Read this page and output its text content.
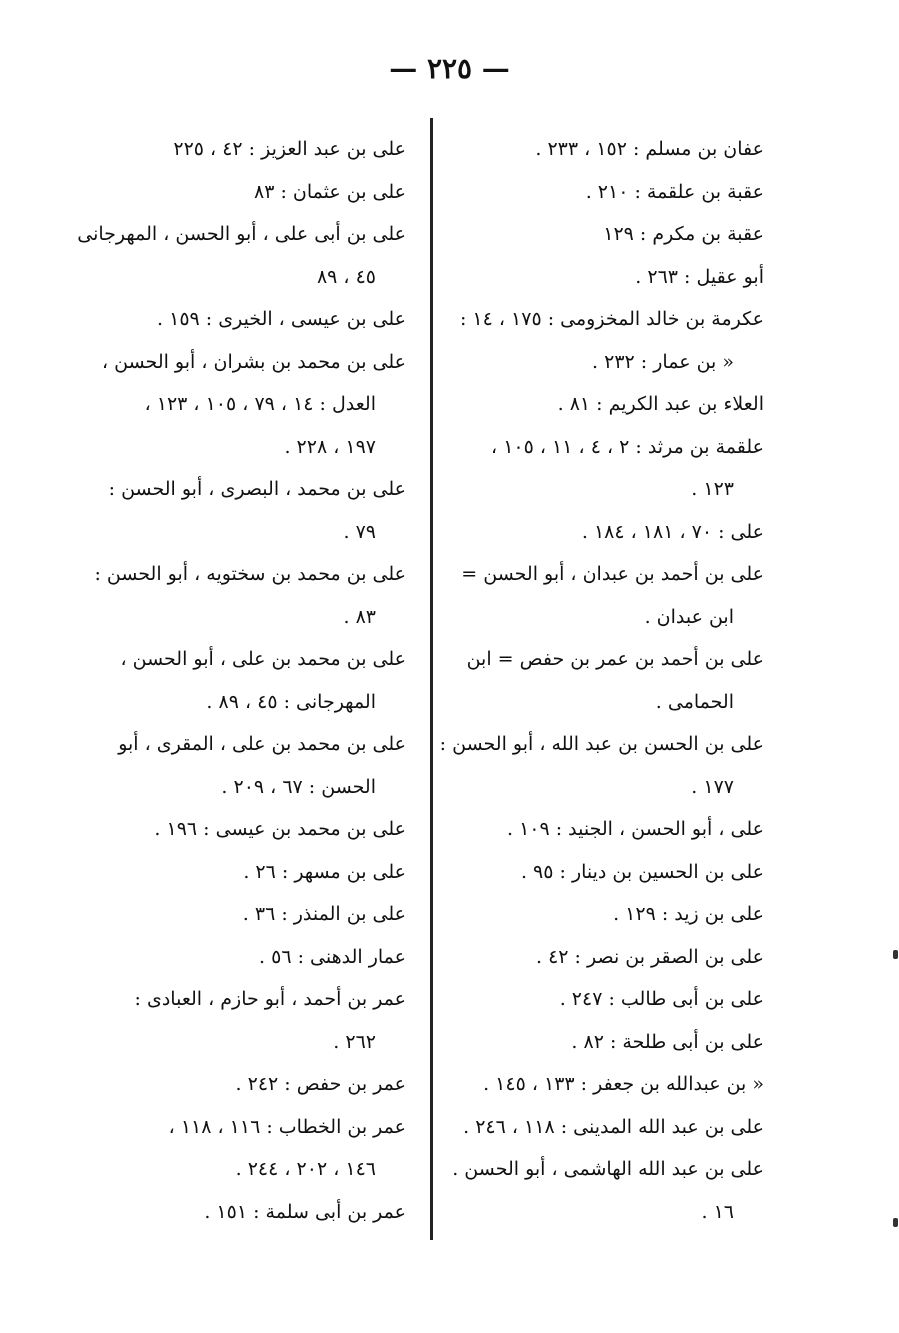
— ٢٢٥ —
عفان بن مسلم : ١٥٢ ، ٢٣٣ .
عقبة بن علقمة : ٢١٠ .
عقبة بن مكرم : ١٢٩
أبو عقيل : ٢٦٣ .
عكرمة بن خالد المخزومى : ١٧٥ ، ١٤ :
« بن عمار : ٢٣٢ .
العلاء بن عبد الكريم : ٨١ .
علقمة بن مرثد : ٢ ، ٤ ، ١١ ، ١٠٥ ،
١٢٣ .
على : ٧٠ ، ١٨١ ، ١٨٤ .
على بن أحمد بن عبدان ، أبو الحسن =
ابن عبدان .
على بن أحمد بن عمر بن حفص = ابن
الحمامى .
على بن الحسن بن عبد الله ، أبو الحسن :
١٧٧ .
على ، أبو الحسن ، الجنيد : ١٠٩ .
على بن الحسين بن دينار : ٩٥ .
على بن زيد : ١٢٩ .
على بن الصقر بن نصر : ٤٢ .
على بن أبى طالب : ٢٤٧ .
على بن أبى طلحة : ٨٢ .
« بن عبدالله بن جعفر : ١٣٣ ، ١٤٥ .
على بن عبد الله المدينى : ١١٨ ، ٢٤٦ .
على بن عبد الله الهاشمى ، أبو الحسن .
١٦ .
على بن عبد العزيز : ٤٢ ، ٢٢٥
على بن عثمان : ٨٣
على بن أبى على ، أبو الحسن ، المهرجانى
٤٥ ، ٨٩
على بن عيسى ، الخيرى : ١٥٩ .
على بن محمد بن بشران ، أبو الحسن ،
العدل : ١٤ ، ٧٩ ، ١٠٥ ، ١٢٣ ،
١٩٧ ، ٢٢٨ .
على بن محمد ، البصرى ، أبو الحسن :
٧٩ .
على بن محمد بن سختويه ، أبو الحسن :
٨٣ .
على بن محمد بن على ، أبو الحسن ،
المهرجانى : ٤٥ ، ٨٩ .
على بن محمد بن على ، المقرى ، أبو
الحسن : ٦٧ ، ٢٠٩ .
على بن محمد بن عيسى : ١٩٦ .
على بن مسهر : ٢٦ .
على بن المنذر : ٣٦ .
عمار الدهنى : ٥٦ .
عمر بن أحمد ، أبو حازم ، العبادى :
٢٦٢ .
عمر بن حفص : ٢٤٢ .
عمر بن الخطاب : ١١٦ ، ١١٨ ،
١٤٦ ، ٢٠٢ ، ٢٤٤ .
عمر بن أبى سلمة : ١٥١ .
